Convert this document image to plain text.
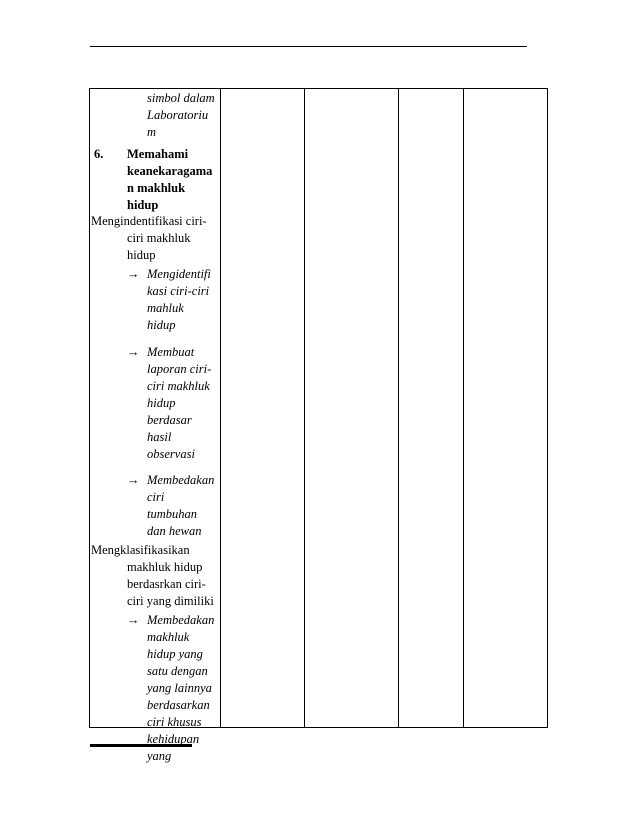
simbol dalam
Laboratoriu
m
6. Memahami
keanekaragama
n makhluk
hidup
Mengindentifikasi ciri-
ciri makhluk
hidup
→ Mengidentifi
kasi ciri-ciri
mahluk
hidup
→ Membuat
laporan ciri-
ciri makhluk
hidup
berdasar
hasil
observasi
→ Membedakan
ciri
tumbuhan
dan hewan
Mengklasifikasikan
makhluk hidup
berdasrkan ciri-
ciri yang dimiliki
→ Membedakan
makhluk
hidup yang
satu dengan
yang lainnya
berdasarkan
ciri khusus
kehidupan
yang
